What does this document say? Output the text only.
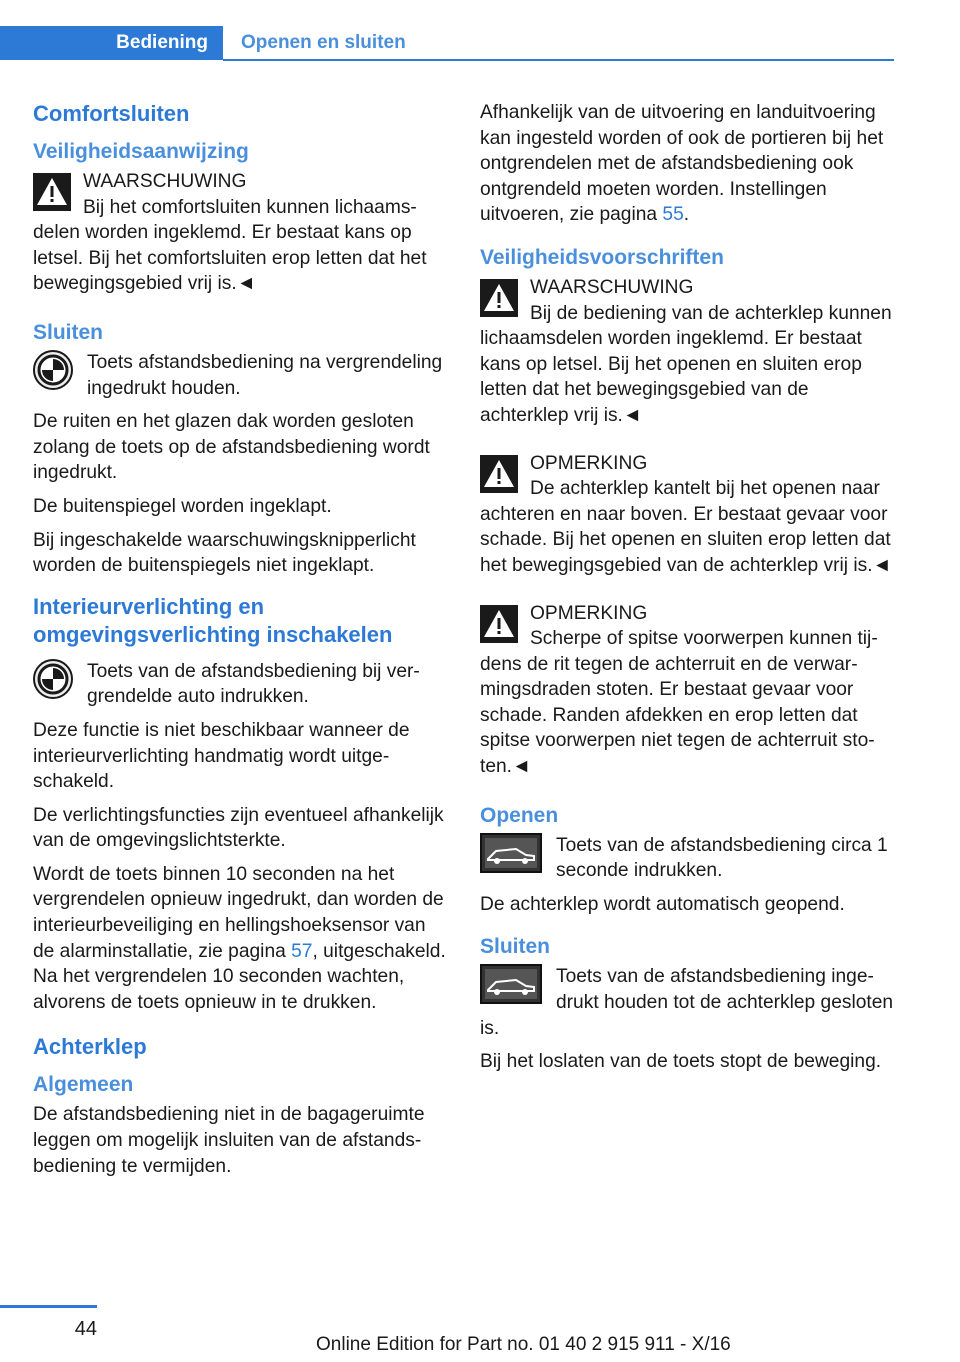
Bediening	Openen en sluiten
Comfortsluiten
Veiligheidsaanwijzing
WAARSCHUWING
Bij het comfortsluiten kunnen lichaamsdelen worden ingeklemd. Er bestaat kans op letsel. Bij het comfortsluiten erop letten dat het bewegingsgebied vrij is.◄
Sluiten
Toets afstandsbediening na vergrendeling ingedrukt houden.

De ruiten en het glazen dak worden gesloten zolang de toets op de afstandsbediening wordt ingedrukt.

De buitenspiegel worden ingeklapt.

Bij ingeschakelde waarschuwingsknipperlicht worden de buitenspiegels niet ingeklapt.

Interieurverlichting en omgevingsverlichting inschakelen
Toets van de afstandsbediening bij vergrendelde auto indrukken.

Deze functie is niet beschikbaar wanneer de interieurverlichting handmatig wordt uitgeschakeld.

De verlichtingsfuncties zijn eventueel afhankelijk van de omgevingslichtsterkte.

Wordt de toets binnen 10 seconden na het vergrendelen opnieuw ingedrukt, dan worden de interieurbeveiliging en hellingshoeksensor van de alarminstallatie, zie pagina 57, uitgeschakeld. Na het vergrendelen 10 seconden wachten, alvorens de toets opnieuw in te drukken.

Achterklep
Algemeen

De afstandsbediening niet in de bagageruimte leggen om mogelijk insluiten van de afstandsbediening te vermijden.

Afhankelijk van de uitvoering en landuitvoering kan ingesteld worden of ook de portieren bij het ontgrendelen met de afstandsbediening ook ontgrendeld moeten worden. Instellingen uitvoeren, zie pagina 55.

Veiligheidsvoorschriften
WAARSCHUWING
Bij de bediening van de achterklep kunnen lichaamsdelen worden ingeklemd. Er bestaat kans op letsel. Bij het openen en sluiten erop letten dat het bewegingsgebied van de achterklep vrij is.◄
OPMERKING
De achterklep kantelt bij het openen naar achteren en naar boven. Er bestaat gevaar voor schade. Bij het openen en sluiten erop letten dat het bewegingsgebied van de achterklep vrij is.◄
OPMERKING
Scherpe of spitse voorwerpen kunnen tijdens de rit tegen de achterruit en de verwarmingsdraden stoten. Er bestaat gevaar voor schade. Randen afdekken en erop letten dat spitse voorwerpen niet tegen de achterruit stoten.◄
Openen
Toets van de afstandsbediening circa 1 seconde indrukken.

De achterklep wordt automatisch geopend.

Sluiten
Toets van de afstandsbediening ingedrukt houden tot de achterklep gesloten is.

Bij het loslaten van de toets stopt de beweging.

44
Online Edition for Part no. 01 40 2 915 911 - X/16
